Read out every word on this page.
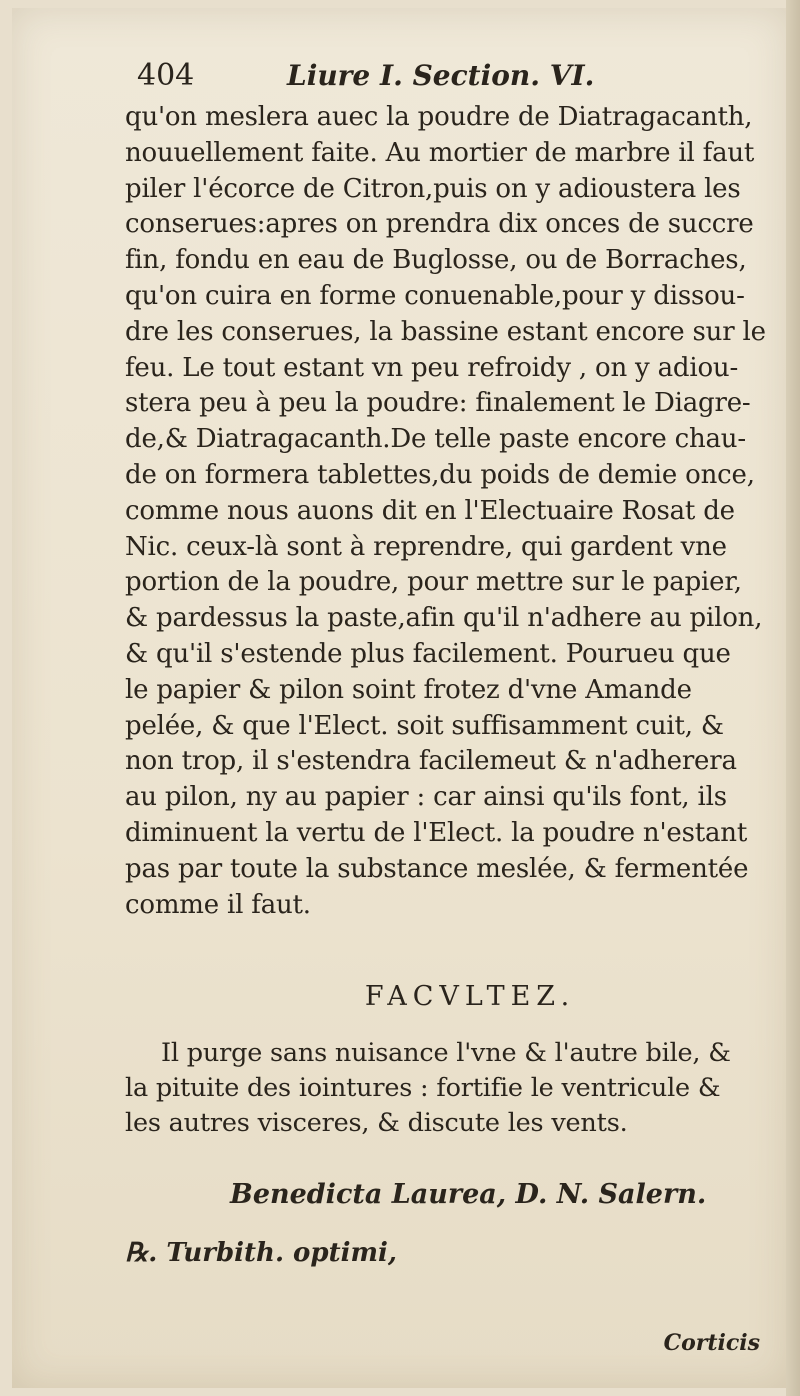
404	Liure I. Section. VI.
qu'on meslera auec la poudre de Diatragacanth,
nouuellement faite. Au mortier de marbre il faut
piler l'écorce de Citron,puis on y adioustera les
conserues:apres on prendra dix onces de succre
fin, fondu en eau de Buglosse, ou de Borraches,
qu'on cuira en forme conuenable,pour y dissou-
dre les conserues, la bassine estant encore sur le
feu. Le tout estant vn peu refroidy , on y adiou-
stera peu à peu la poudre: finalement le Diagre-
de,& Diatragacanth.De telle paste encore chau-
de on formera tablettes,du poids de demie once,
comme nous auons dit en l'Electuaire Rosat de
Nic. ceux-là sont à reprendre, qui gardent vne
portion de la poudre, pour mettre sur le papier,
& pardessus la paste,afin qu'il n'adhere au pilon,
& qu'il s'estende plus facilement. Pourueu que
le papier & pilon soint frotez d'vne Amande
pelée, & que l'Elect. soit suffisamment cuit, &
non trop, il s'estendra facilemeut & n'adherera
au pilon, ny au papier : car ainsi qu'ils font, ils
diminuent la vertu de l'Elect. la poudre n'estant
pas par toute la substance meslée, & fermentée
comme il faut.
FACVLTEZ.
Il purge sans nuisance l'vne & l'autre bile, &
la pituite des iointures : fortifie le ventricule &
les autres visceres, & discute les vents.
Benedicta Laurea, D. N. Salern.
℞. Turbith. optimi,
Corticis
